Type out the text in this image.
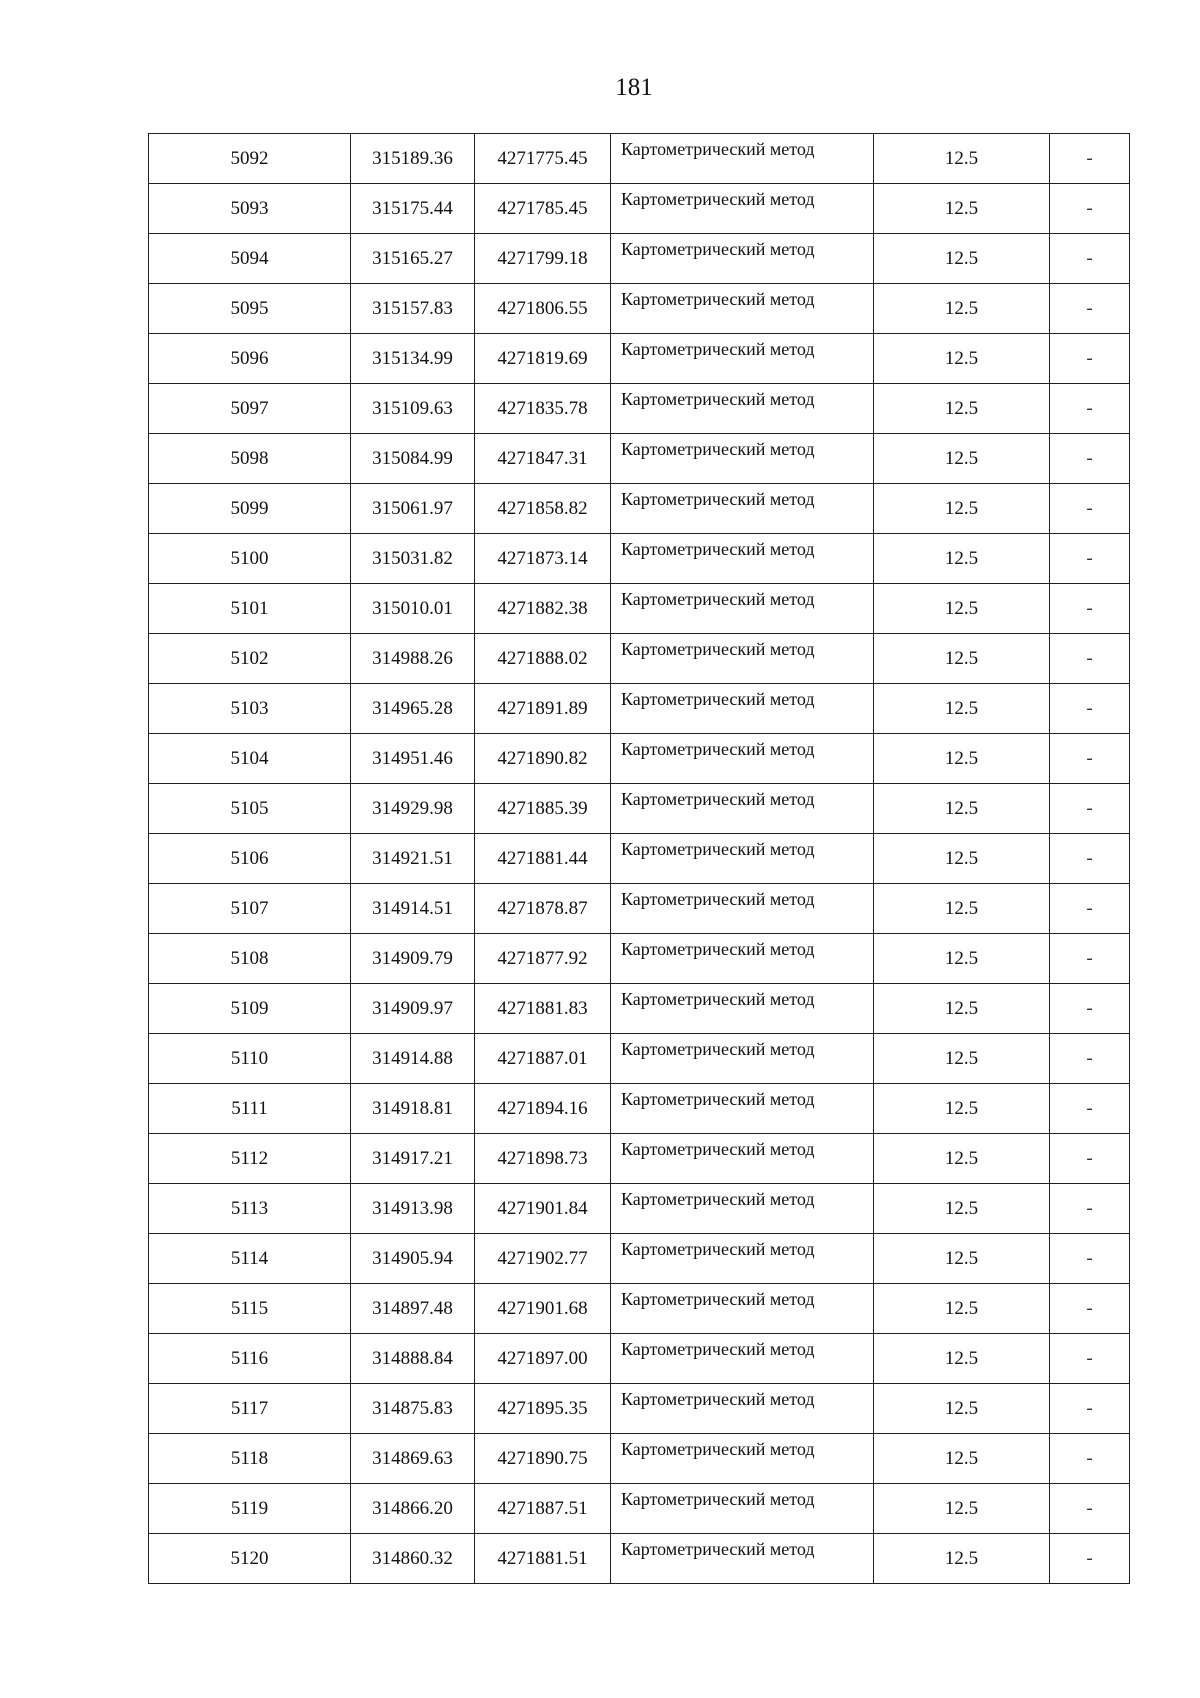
181
5092	315189.36	4271775.45	Картометрический метод	12.5	-
5093	315175.44	4271785.45	Картометрический метод	12.5	-
5094	315165.27	4271799.18	Картометрический метод	12.5	-
5095	315157.83	4271806.55	Картометрический метод	12.5	-
5096	315134.99	4271819.69	Картометрический метод	12.5	-
5097	315109.63	4271835.78	Картометрический метод	12.5	-
5098	315084.99	4271847.31	Картометрический метод	12.5	-
5099	315061.97	4271858.82	Картометрический метод	12.5	-
5100	315031.82	4271873.14	Картометрический метод	12.5	-
5101	315010.01	4271882.38	Картометрический метод	12.5	-
5102	314988.26	4271888.02	Картометрический метод	12.5	-
5103	314965.28	4271891.89	Картометрический метод	12.5	-
5104	314951.46	4271890.82	Картометрический метод	12.5	-
5105	314929.98	4271885.39	Картометрический метод	12.5	-
5106	314921.51	4271881.44	Картометрический метод	12.5	-
5107	314914.51	4271878.87	Картометрический метод	12.5	-
5108	314909.79	4271877.92	Картометрический метод	12.5	-
5109	314909.97	4271881.83	Картометрический метод	12.5	-
5110	314914.88	4271887.01	Картометрический метод	12.5	-
5111	314918.81	4271894.16	Картометрический метод	12.5	-
5112	314917.21	4271898.73	Картометрический метод	12.5	-
5113	314913.98	4271901.84	Картометрический метод	12.5	-
5114	314905.94	4271902.77	Картометрический метод	12.5	-
5115	314897.48	4271901.68	Картометрический метод	12.5	-
5116	314888.84	4271897.00	Картометрический метод	12.5	-
5117	314875.83	4271895.35	Картометрический метод	12.5	-
5118	314869.63	4271890.75	Картометрический метод	12.5	-
5119	314866.20	4271887.51	Картометрический метод	12.5	-
5120	314860.32	4271881.51	Картометрический метод	12.5	-
